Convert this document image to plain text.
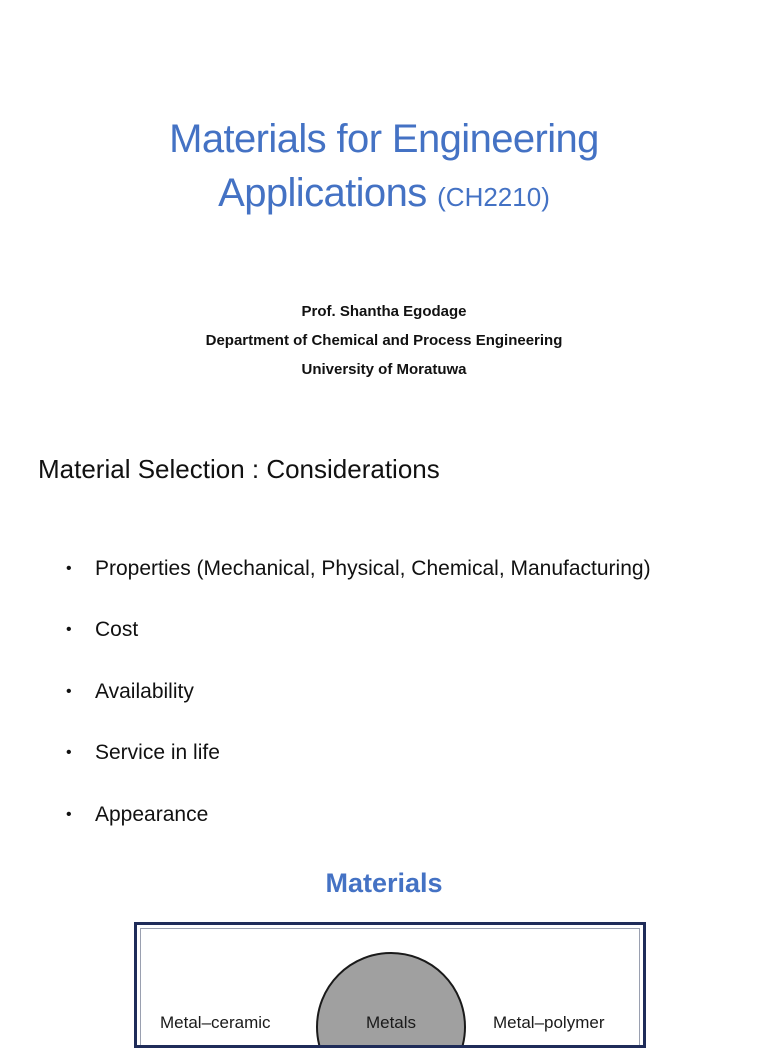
Materials for Engineering
Applications (CH2210)
Prof. Shantha Egodage
Department of Chemical and Process Engineering
University of Moratuwa
Material Selection : Considerations
•	Properties (Mechanical, Physical, Chemical, Manufacturing)
•	Cost
•	Availability
•	Service in life
•	Appearance
Materials
Metals
Metal–ceramic	Metal–polymer
